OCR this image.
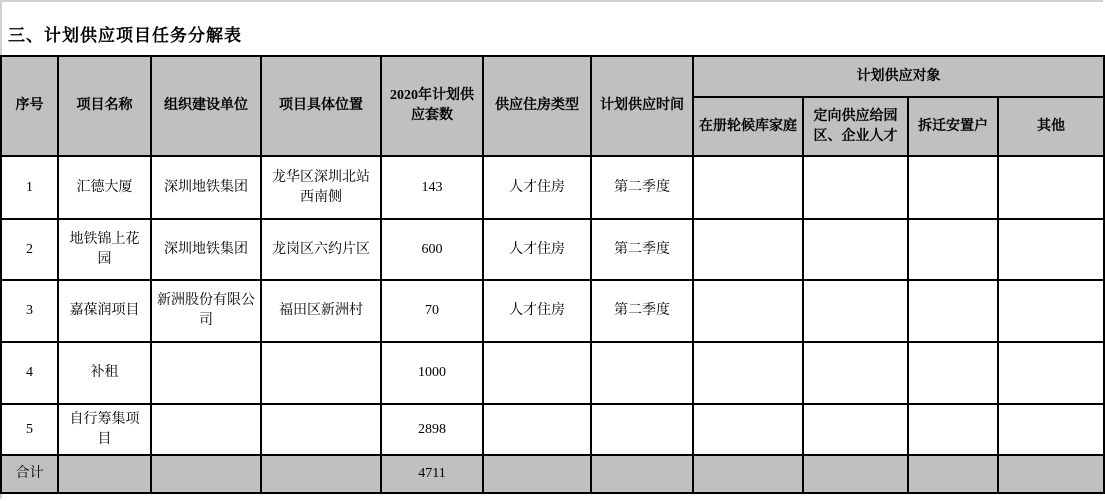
三、计划供应项目任务分解表
序号	项目名称	组织建设单位	项目具体位置	2020年计划供应套数	供应住房类型	计划供应时间	计划供应对象			
							在册轮候库家庭	定向供应给园区、企业人才	拆迁安置户	其他
1	汇德大厦	深圳地铁集团	龙华区深圳北站西南侧	143	人才住房	第二季度				
2	地铁锦上花园	深圳地铁集团	龙岗区六约片区	600	人才住房	第二季度				
3	嘉葆润项目	新洲股份有限公司	福田区新洲村	70	人才住房	第二季度				
4	补租			1000						
5	自行筹集项目			2898						
合计				4711						
